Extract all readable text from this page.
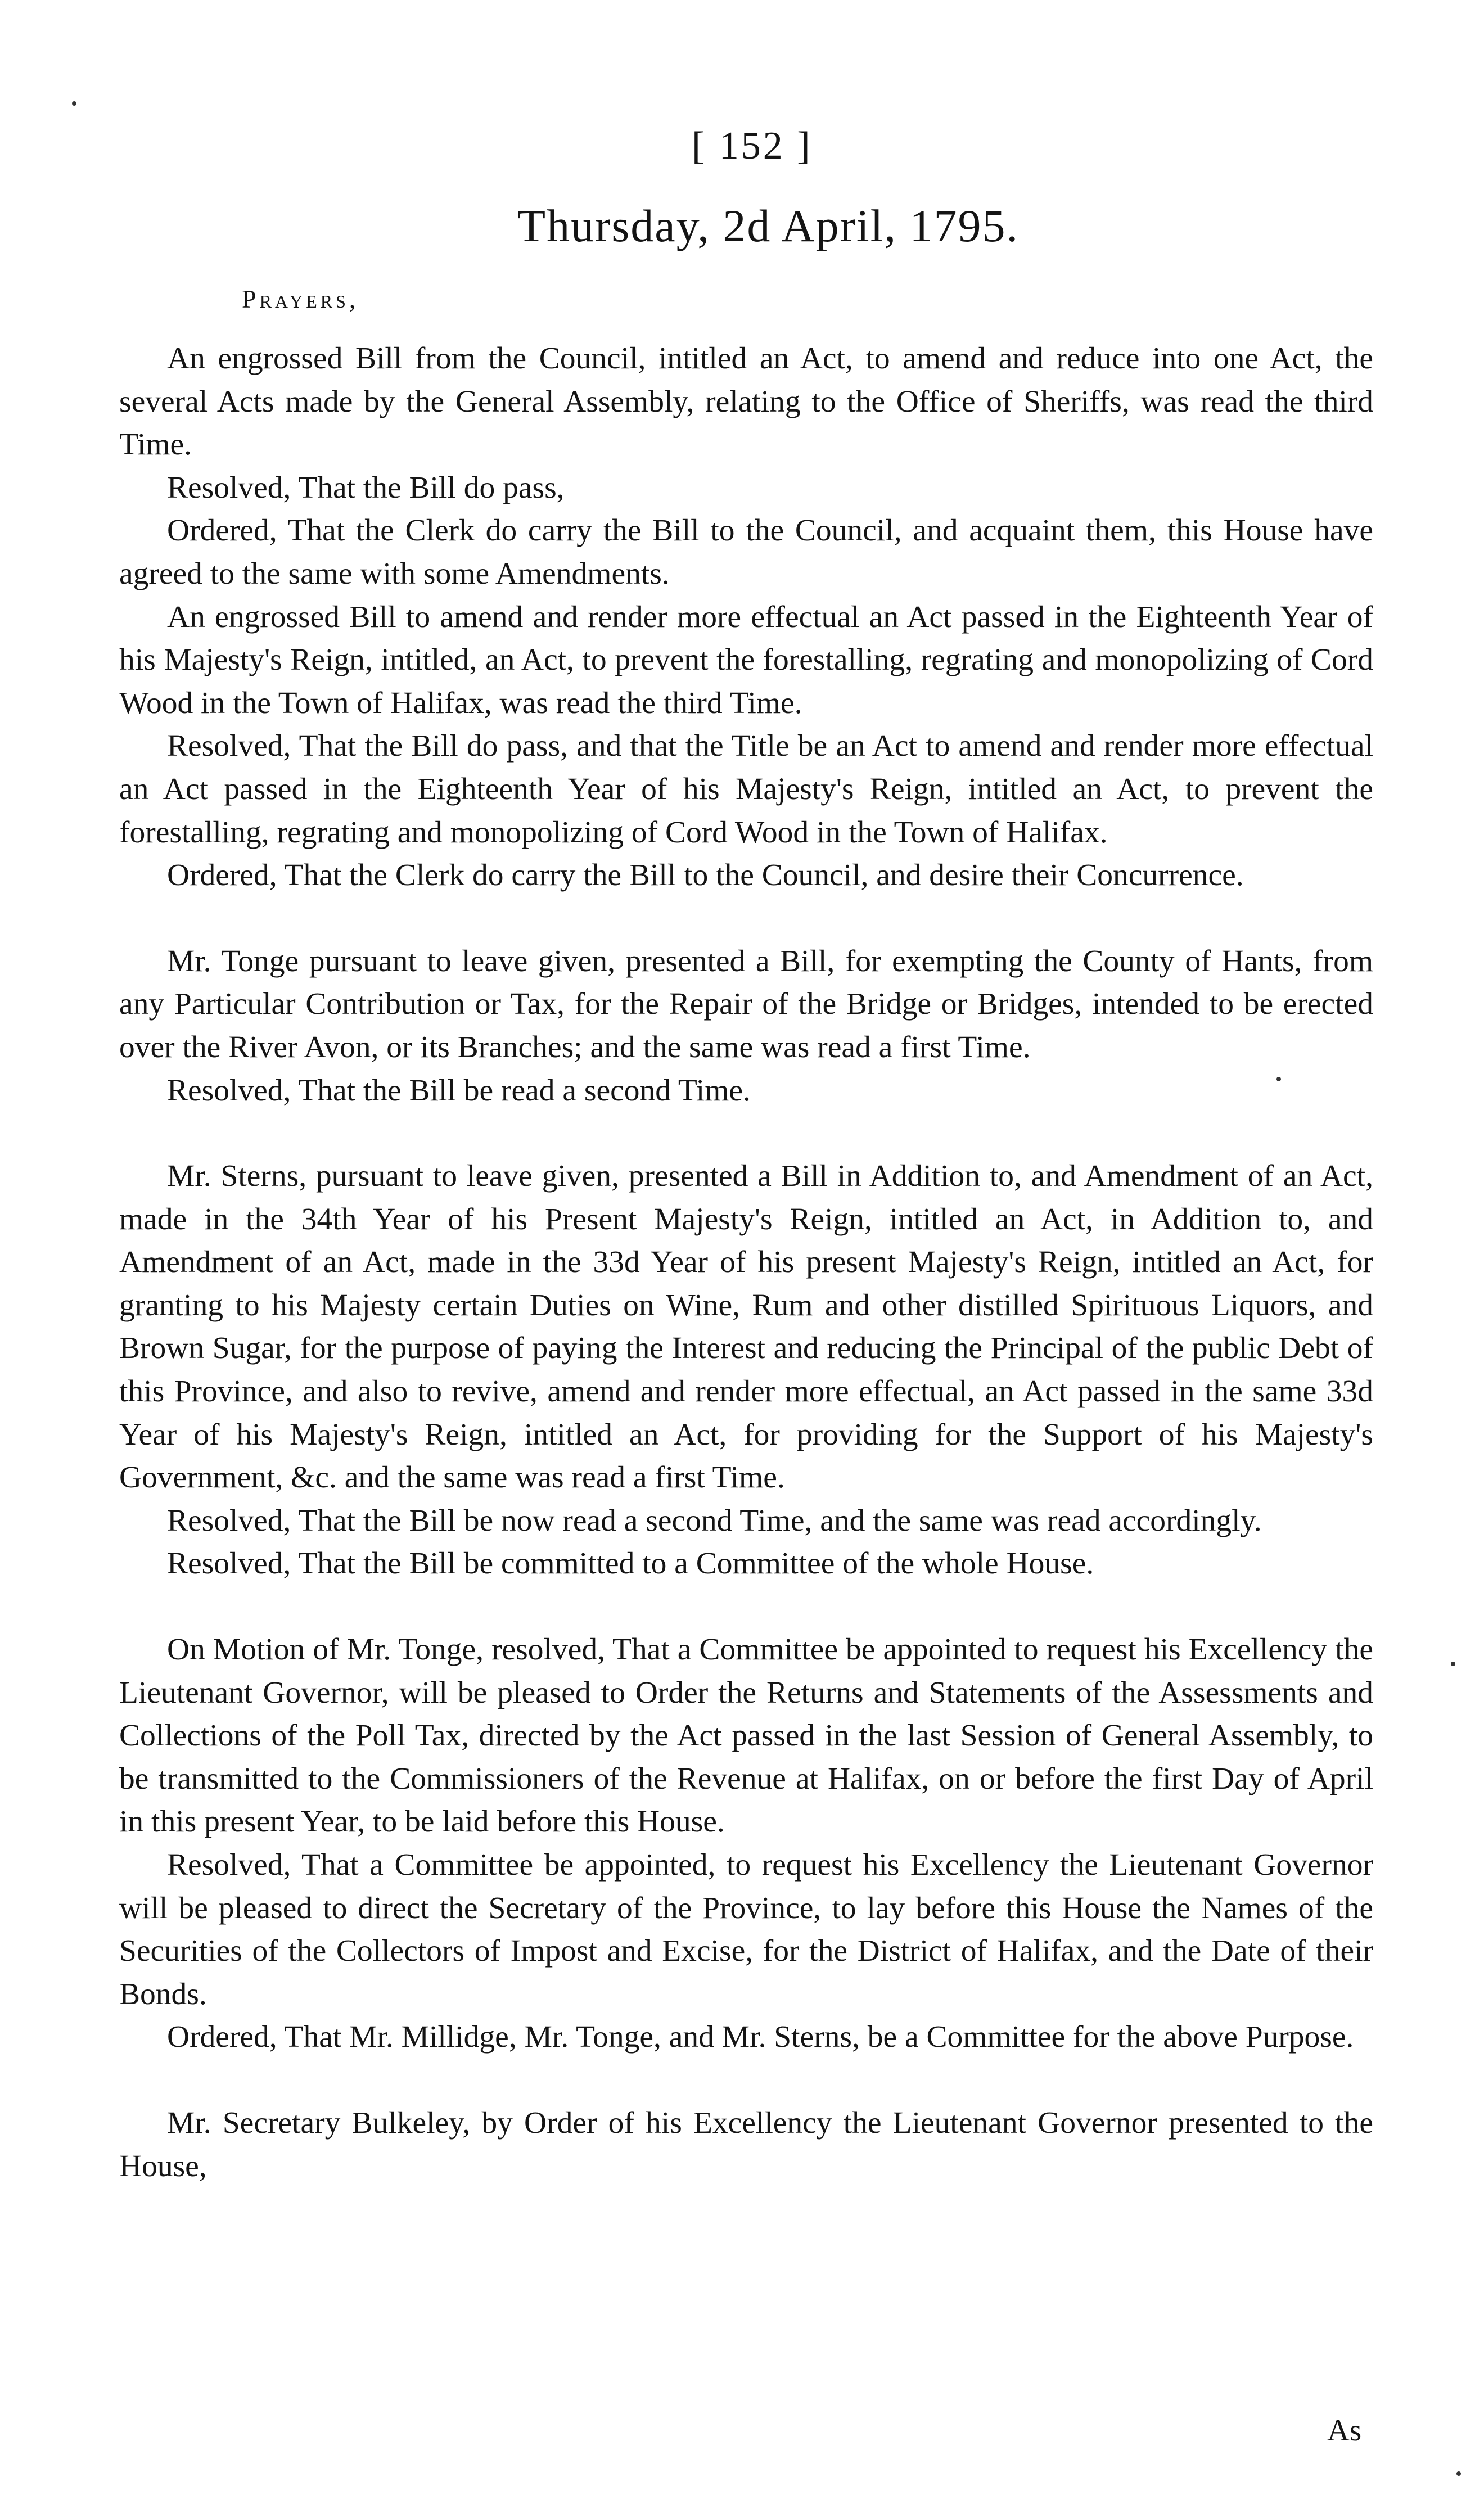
[ 152 ]
Thursday, 2d April, 1795.
Prayers,

An engrossed Bill from the Council, intitled an Act, to amend and reduce into one Act, the several Acts made by the General Assembly, relating to the Office of Sheriffs, was read the third Time.

Resolved, That the Bill do pass,

Ordered, That the Clerk do carry the Bill to the Council, and acquaint them, this House have agreed to the same with some Amendments.

An engrossed Bill to amend and render more effectual an Act passed in the Eighteenth Year of his Majesty's Reign, intitled, an Act, to prevent the forestalling, regrating and monopolizing of Cord Wood in the Town of Halifax, was read the third Time.

Resolved, That the Bill do pass, and that the Title be an Act to amend and render more effectual an Act passed in the Eighteenth Year of his Majesty's Reign, intitled an Act, to prevent the forestalling, regrating and monopolizing of Cord Wood in the Town of Halifax.

Ordered, That the Clerk do carry the Bill to the Council, and desire their Concurrence.

Mr. Tonge pursuant to leave given, presented a Bill, for exempting the County of Hants, from any Particular Contribution or Tax, for the Repair of the Bridge or Bridges, intended to be erected over the River Avon, or its Branches; and the same was read a first Time.

Resolved, That the Bill be read a second Time.

Mr. Sterns, pursuant to leave given, presented a Bill in Addition to, and Amendment of an Act, made in the 34th Year of his Present Majesty's Reign, intitled an Act, in Addition to, and Amendment of an Act, made in the 33d Year of his present Majesty's Reign, intitled an Act, for granting to his Majesty certain Duties on Wine, Rum and other distilled Spirituous Liquors, and Brown Sugar, for the purpose of paying the Interest and reducing the Principal of the public Debt of this Province, and also to revive, amend and render more effectual, an Act passed in the same 33d Year of his Majesty's Reign, intitled an Act, for providing for the Support of his Majesty's Government, &c. and the same was read a first Time.

Resolved, That the Bill be now read a second Time, and the same was read accordingly.

Resolved, That the Bill be committed to a Committee of the whole House.

On Motion of Mr. Tonge, resolved, That a Committee be appointed to request his Excellency the Lieutenant Governor, will be pleased to Order the Returns and Statements of the Assessments and Collections of the Poll Tax, directed by the Act passed in the last Session of General Assembly, to be transmitted to the Commissioners of the Revenue at Halifax, on or before the first Day of April in this present Year, to be laid before this House.

Resolved, That a Committee be appointed, to request his Excellency the Lieutenant Governor will be pleased to direct the Secretary of the Province, to lay before this House the Names of the Securities of the Collectors of Impost and Excise, for the District of Halifax, and the Date of their Bonds.

Ordered, That Mr. Millidge, Mr. Tonge, and Mr. Sterns, be a Committee for the above Purpose.

Mr. Secretary Bulkeley, by Order of his Excellency the Lieutenant Governor presented to the House,

As
